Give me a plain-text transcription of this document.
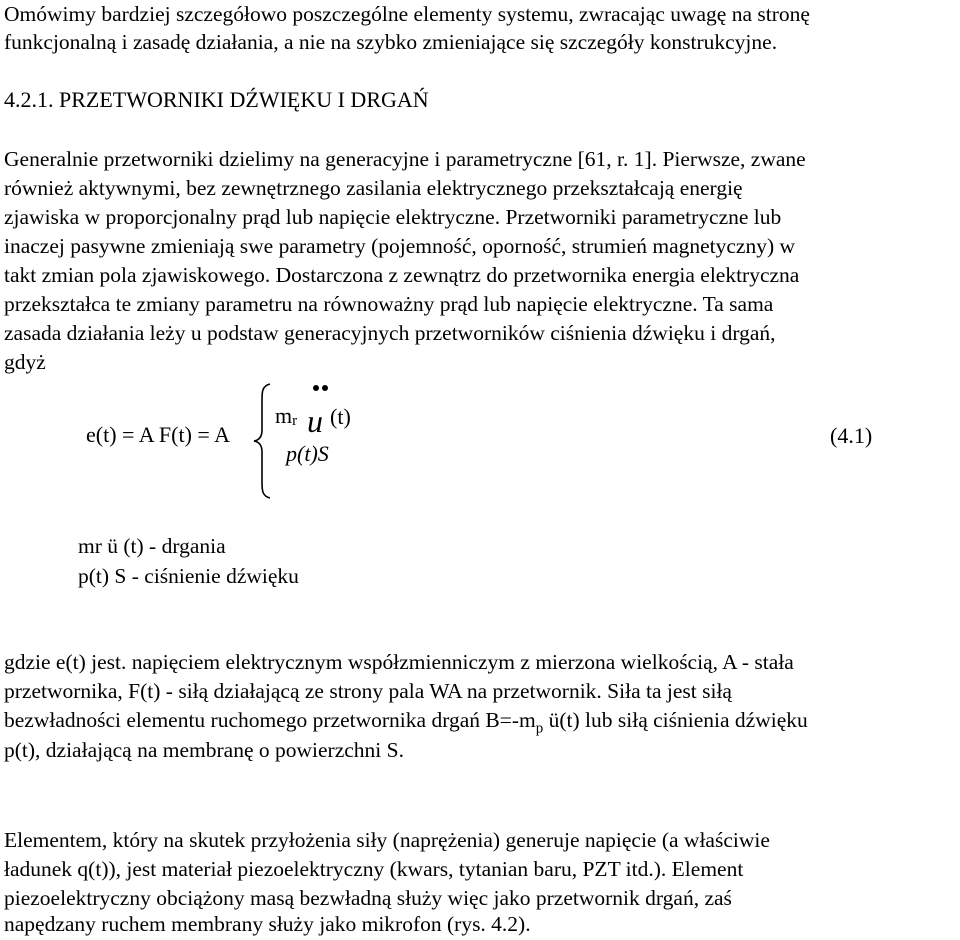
Omówimy bardziej szczegółowo poszczególne elementy systemu, zwracając uwagę na stronę
funkcjonalną i zasadę działania, a nie na szybko zmieniające się szczegóły konstrukcyjne.
4.2.1. PRZETWORNIKI DŹWIĘKU I DRGAŃ
Generalnie przetworniki dzielimy na generacyjne i parametryczne [61, r. 1]. Pierwsze, zwane
również aktywnymi, bez zewnętrznego zasilania elektrycznego przekształcają energię
zjawiska w proporcjonalny prąd lub napięcie elektryczne. Przetworniki parametryczne lub
inaczej pasywne zmieniają swe parametry (pojemność, oporność, strumień magnetyczny) w
takt zmian pola zjawiskowego. Dostarczona z zewnątrz do przetwornika energia elektryczna
przekształca te zmiany parametru na równoważny prąd lub napięcie elektryczne. Ta sama
zasada działania leży u podstaw generacyjnych przetworników ciśnienia dźwięku i drgań,
gdyż
e(t) = A F(t) = A
$m_r$ u (t)
p(t)S
(4.1)
mr ü (t) - drgania
p(t) S - ciśnienie dźwięku
gdzie e(t) jest. napięciem elektrycznym współzmienniczym z mierzona wielkością, A - stała
przetwornika, F(t) - siłą działającą ze strony pala WA na przetwornik. Siła ta jest siłą
bezwładności elementu ruchomego przetwornika drgań $B=-m_p$ ü(t) lub siłą ciśnienia dźwięku
p(t), działającą na membranę o powierzchni S.
Elementem, który na skutek przyłożenia siły (naprężenia) generuje napięcie (a właściwie
ładunek q(t)), jest materiał piezoelektryczny (kwars, tytanian baru, PZT itd.). Element
piezoelektryczny obciążony masą bezwładną służy więc jako przetwornik drgań, zaś
napędzany ruchem membrany służy jako mikrofon (rys. 4.2).
